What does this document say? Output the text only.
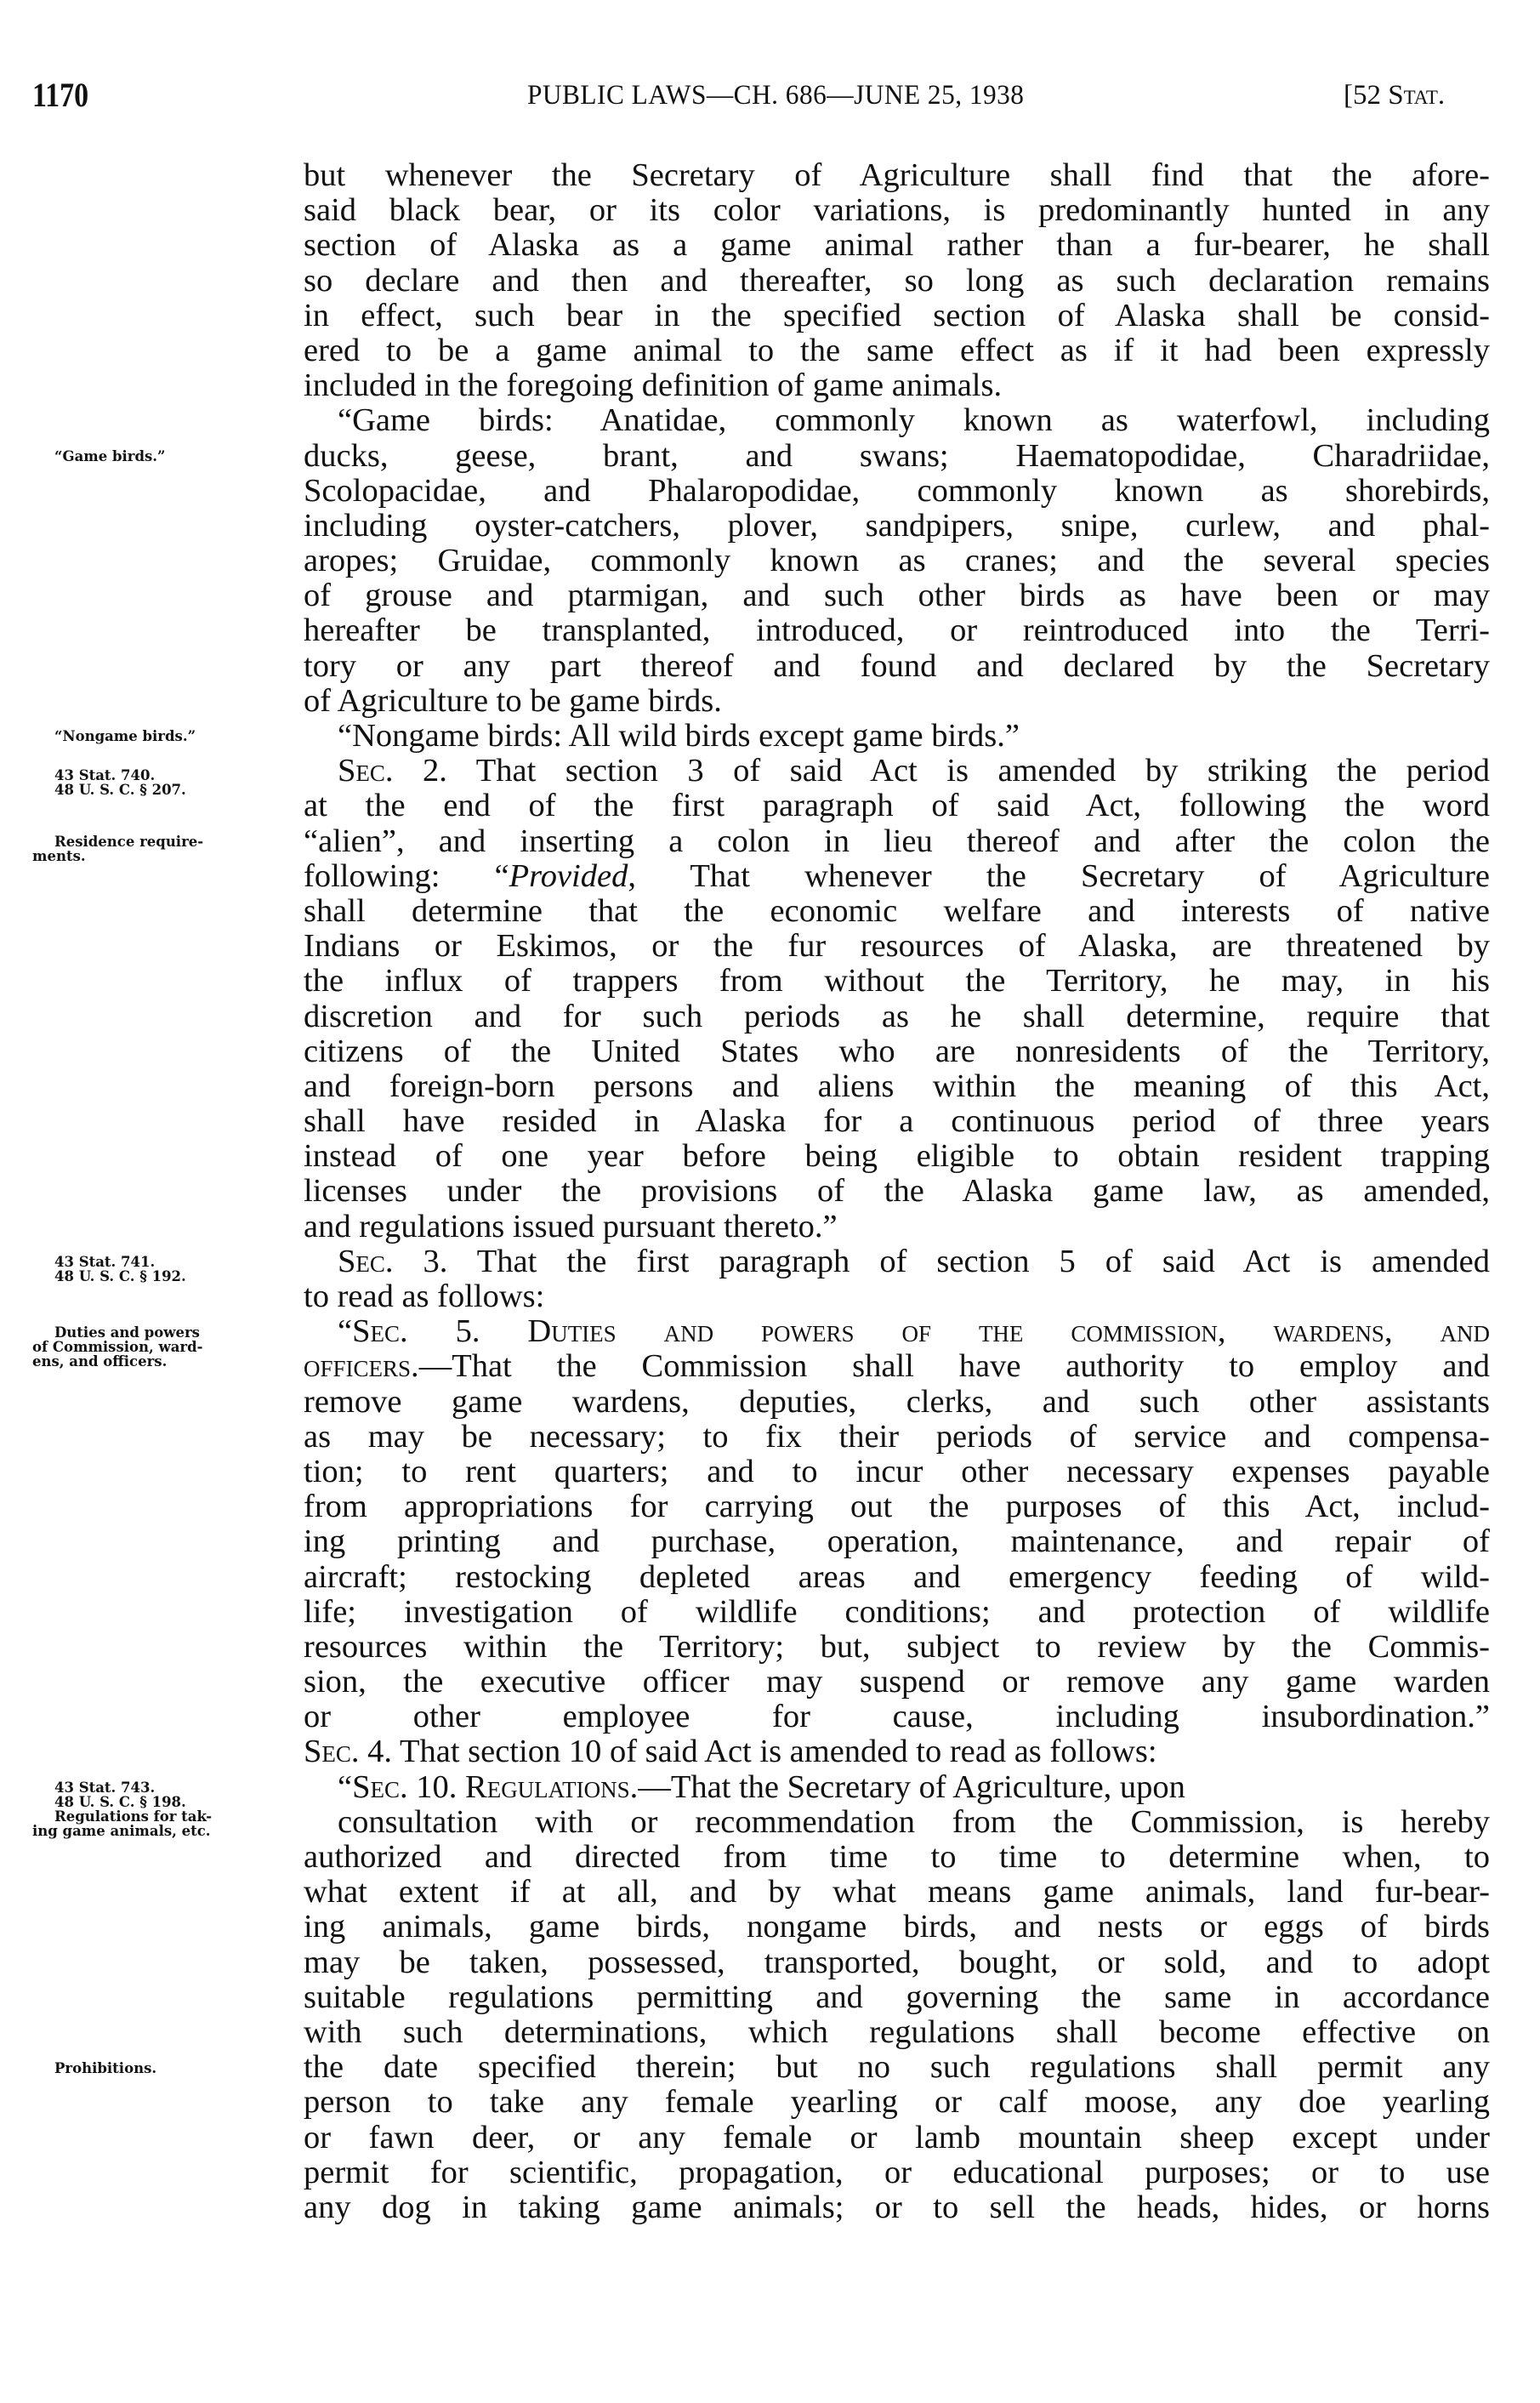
1170	PUBLIC LAWS—CH. 686—JUNE 25, 1938	[52 Stat.
but whenever the Secretary of Agriculture shall find that the afore-
said black bear, or its color variations, is predominantly hunted in any
section of Alaska as a game animal rather than a fur-bearer, he shall
so declare and then and thereafter, so long as such declaration remains
in effect, such bear in the specified section of Alaska shall be consid-
ered to be a game animal to the same effect as if it had been expressly
included in the foregoing definition of game animals.
“Game birds: Anatidae, commonly known as waterfowl, including
ducks, geese, brant, and swans; Haematopodidae, Charadriidae,
Scolopacidae, and Phalaropodidae, commonly known as shorebirds,
including oyster-catchers, plover, sandpipers, snipe, curlew, and phal-
aropes; Gruidae, commonly known as cranes; and the several species
of grouse and ptarmigan, and such other birds as have been or may
hereafter be transplanted, introduced, or reintroduced into the Terri-
tory or any part thereof and found and declared by the Secretary
of Agriculture to be game birds.
“Nongame birds: All wild birds except game birds.”
Sec. 2. That section 3 of said Act is amended by striking the period
at the end of the first paragraph of said Act, following the word
“alien”, and inserting a colon in lieu thereof and after the colon the
following: “Provided, That whenever the Secretary of Agriculture
shall determine that the economic welfare and interests of native
Indians or Eskimos, or the fur resources of Alaska, are threatened by
the influx of trappers from without the Territory, he may, in his
discretion and for such periods as he shall determine, require that
citizens of the United States who are nonresidents of the Territory,
and foreign-born persons and aliens within the meaning of this Act,
shall have resided in Alaska for a continuous period of three years
instead of one year before being eligible to obtain resident trapping
licenses under the provisions of the Alaska game law, as amended,
and regulations issued pursuant thereto.”
Sec. 3. That the first paragraph of section 5 of said Act is amended
to read as follows:
“Sec. 5. Duties and powers of the commission, wardens, and
officers.—That the Commission shall have authority to employ and
remove game wardens, deputies, clerks, and such other assistants
as may be necessary; to fix their periods of service and compensa-
tion; to rent quarters; and to incur other necessary expenses payable
from appropriations for carrying out the purposes of this Act, includ-
ing printing and purchase, operation, maintenance, and repair of
aircraft; restocking depleted areas and emergency feeding of wild-
life; investigation of wildlife conditions; and protection of wildlife
resources within the Territory; but, subject to review by the Commis-
sion, the executive officer may suspend or remove any game warden
or other employee for cause, including insubordination.”
Sec. 4. That section 10 of said Act is amended to read as follows:
“Sec. 10. Regulations.—That the Secretary of Agriculture, upon
consultation with or recommendation from the Commission, is hereby
authorized and directed from time to time to determine when, to
what extent if at all, and by what means game animals, land fur-bear-
ing animals, game birds, nongame birds, and nests or eggs of birds
may be taken, possessed, transported, bought, or sold, and to adopt
suitable regulations permitting and governing the same in accordance
with such determinations, which regulations shall become effective on
the date specified therein; but no such regulations shall permit any
person to take any female yearling or calf moose, any doe yearling
or fawn deer, or any female or lamb mountain sheep except under
permit for scientific, propagation, or educational purposes; or to use
any dog in taking game animals; or to sell the heads, hides, or horns
“Game birds.”
“Nongame birds.”
43 Stat. 740.
48 U. S. C. § 207.
Residence require-
ments.
43 Stat. 741.
48 U. S. C. § 192.
Duties and powers
of Commission, ward-
ens, and officers.
43 Stat. 743.
48 U. S. C. § 198.
Regulations for tak-
ing game animals, etc.
Prohibitions.
